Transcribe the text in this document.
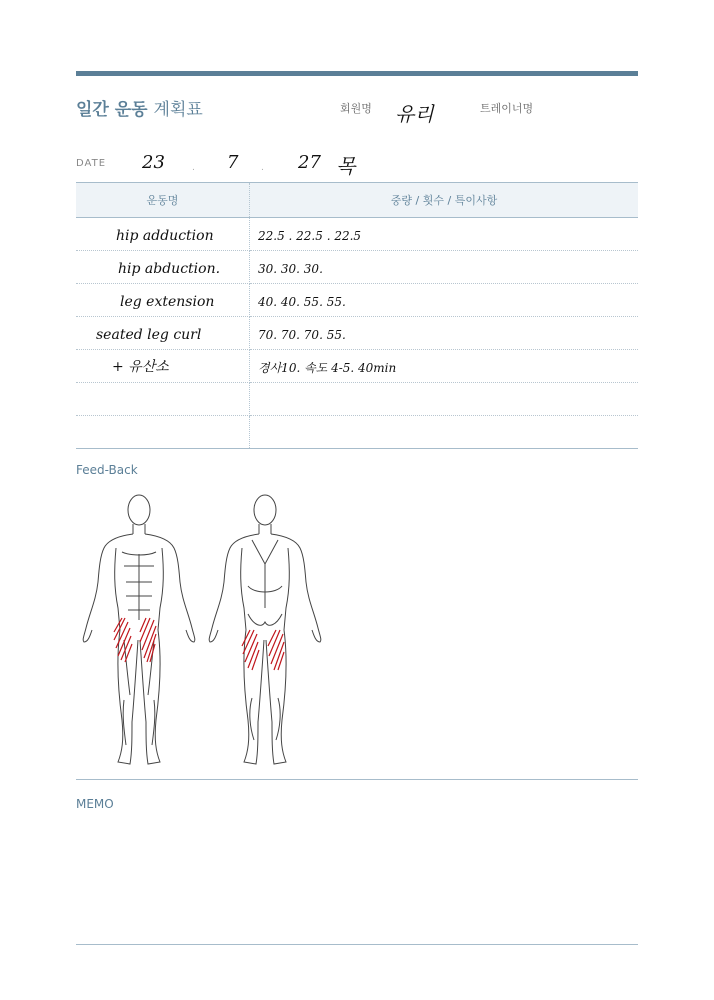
일간 운동 계획표	회원명 유리	트레이너명
DATE 23	. 7	. 27 목
운동명	중량 / 횟수 / 특이사항
hip adduction	22.5 . 22.5 . 22.5
hip abduction.	30. 30. 30.
leg extension	40. 40. 55. 55.
seated leg curl	70. 70. 70. 55.
+ 유산소	경사10. 속도 4-5. 40min

Feed-Back
MEMO
